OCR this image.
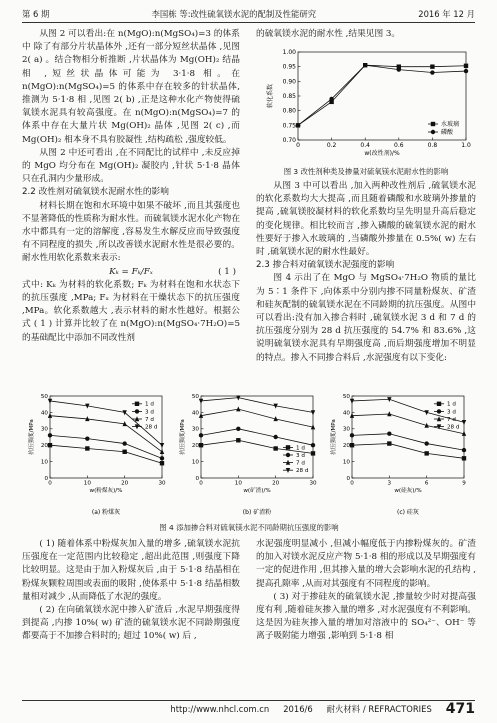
第 6 期	李国栋 等:改性硫氧镁水泥的配制及性能研究	2016 年 12 月

从图 2 可以看出:在 n(MgO):n(MgSO₄)=3 的体系中 除了有部分片状晶体外 ,还有一部分短丝状晶体 ,见图 2( a) 。结合物相分析推断 ,片状晶体为 Mg(OH)₂ 结晶相 ,短丝状晶体可能为 3·1·8 相。在 n(MgO):n(MgSO₄)=5 的体系中存在较多的针状晶体,推测为 5·1·8 相 ,见图 2( b) ,正是这种水化产物使得硫氧镁水泥具有较高强度。在 n(MgO):n(MgSO₄)=7 的体系中存在大量片状 Mg(OH)₂ 晶体 ,见图 2( c) ,而 Mg(OH)₂ 相本身不具有胶凝性 ,结构疏松 ,强度较低。

从图 2 中还可看出 ,在不同配比的试样中 ,未反应掉的 MgO 均分布在 Mg(OH)₂ 凝胶内 ,针状 5·1·8 晶体只在孔洞内少量形成。

2.2 改性剂对硫氧镁水泥耐水性的影响

材料长期在饱和水环境中如果不破坏 ,而且其强度也不显著降低的性质称为耐水性。而硫氧镁水泥水化产物在水中都具有一定的溶解度 ,容易发生水解反应而导致强度有不同程度的损失 ,所以改善镁水泥耐水性是很必要的。耐水性用软化系数来表示:

Kₖ = Fₖ/Fₓ	( 1 )

式中: Kₖ 为材料的软化系数; Fₖ 为材料在饱和水状态下的抗压强度 ,MPa; Fₓ 为材料在干燥状态下的抗压强度 ,MPa。软化系数越大 ,表示材料的耐水性越好。根据公式 ( 1 ) 计算并比较了在 n(MgO):n(MgSO₄·7H₂O)=5 的基础配比中添加不同改性剂

的硫氧镁水泥的耐水性 ,结果见图 3。

0	0.2	0.4	0.6	0.8	1.0
0.70
0.75
0.80
0.85
0.90
0.95
1.00
w(改性剂)/%
软化系数
水玻璃
磷酸
图 3 改性剂种类及掺量对硫氧镁水泥耐水性的影响

从图 3 中可以看出 ,加入两种改性剂后 ,硫氧镁水泥的软化系数均大大提高 ,而且随着磷酸和水玻璃外掺量的提高 ,硫氧镁胶凝材料的软化系数均呈先明显升高后稳定的变化规律。相比较而言 ,掺入磷酸的硫氧镁水泥的耐水性要好于掺入水玻璃的 ,当磷酸外掺量在 0.5%( w) 左右时 ,硫氧镁水泥的耐水性最好。

2.3 掺合料对硫氧镁水泥强度的影响

图 4 示出了在 MgO 与 MgSO₄·7H₂O 物质的量比为 5∶1 条件下 ,向体系中分别内掺不同量粉煤灰、矿渣和硅灰配制的硫氧镁水泥在不同龄期的抗压强度。从图中可以看出:没有加入掺合料时 ,硫氧镁水泥 3 d 和 7 d 的抗压强度分别为 28 d 抗压强度的 54.7% 和 83.6% ,这说明硫氧镁水泥具有早期强度高 ,而后期强度增加不明显的特点。掺入不同掺合料后 ,水泥强度有以下变化:

0	10	20	30
0
10
20
30
40
50
w(粉煤灰)/%
抗压强度/MPa
1 d
3 d
7 d
28 d
(a) 粉煤灰
0	10	20	30
0
10
20
30
40
50
w(矿渣)/%
抗压强度/MPa	1 d
3 d
7 d
28 d
(b) 矿渣粉
0	3	6	9
0
10
20
30
40
50
w(硅灰)/%
抗压强度/MPa
1 d
3 d
7 d
28 d
(c) 硅灰
图 4 添加掺合料对硫氧镁水泥不同龄期抗压强度的影响

( 1) 随着体系中粉煤灰加入量的增多 ,硫氧镁水泥抗压强度在一定范围内比较稳定 ,超出此范围 ,则强度下降比较明显。这是由于加入粉煤灰后 ,由于 5·1·8 结晶相在粉煤灰颗粒周围或表面的吸附 ,使体系中 5·1·8 结晶相数量相对减少 ,从而降低了水泥的强度。

( 2) 在向硫氧镁水泥中掺入矿渣后 ,水泥早期强度得到提高 ,内掺 10%( w) 矿渣的硫氧镁水泥不同龄期强度都要高于不加掺合料时的; 超过 10%( w) 后 ,

水泥强度明显减小 ,但减小幅度低于内掺粉煤灰的。矿渣的加入对镁水泥反应产物 5·1·8 相的形成以及早期强度有一定的促进作用 ,但其掺入量的增大会影响水泥的孔结构 ,提高孔隙率 ,从而对其强度有不同程度的影响。

( 3) 对于掺硅灰的硫氧镁水泥 ,掺量较少时对提高强度有利 ,随着硅灰掺入量的增多 ,对水泥强度有不利影响。这是因为硅灰掺入量的增加对溶液中的 SO₄²⁻、OH⁻ 等离子吸附能力增强 ,影响到 5·1·8 相

http://www.nhcl.com.cn 2016/6 耐火材料 / REFRACTORIES 471
